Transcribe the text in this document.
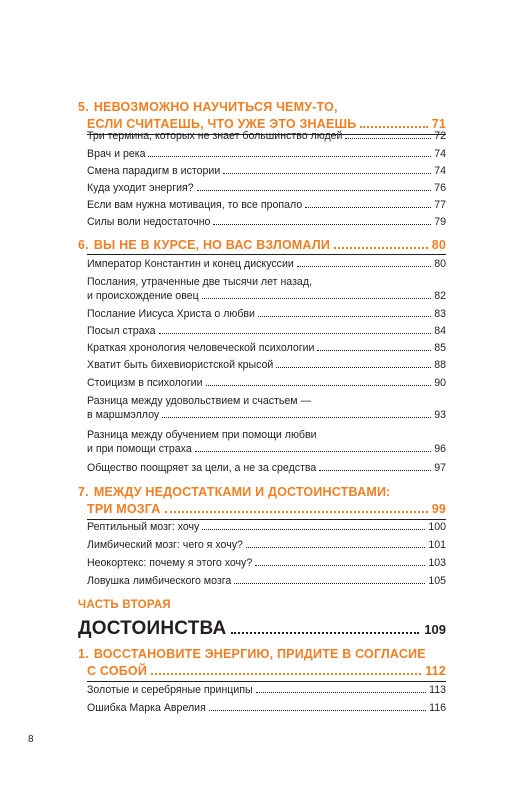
5. НЕВОЗМОЖНО НАУЧИТЬСЯ ЧЕМУ-ТО,
ЕСЛИ СЧИТАЕШЬ, ЧТО УЖЕ ЭТО ЗНАЕШЬ	71
Три термина, которых не знает большинство людей	72
Врач и река	74
Смена парадигм в истории	74
Куда уходит энергия?	76
Если вам нужна мотивация, то все пропало	77
Силы воли недостаточно	79
6. ВЫ НЕ В КУРСЕ, НО ВАС ВЗЛОМАЛИ	80
Император Константин и конец дискуссии	80
Послания, утраченные две тысячи лет назад,
и происхождение овец	82
Послание Иисуса Христа о любви	83
Посыл страха	84
Краткая хронология человеческой психологии	85
Хватит быть бихевиористской крысой	88
Стоицизм в психологии	90
Разница между удовольствием и счастьем —
в маршмэллоу	93
Разница между обучением при помощи любви
и при помощи страха	96
Общество поощряет за цели, а не за средства	97
7. МЕЖДУ НЕДОСТАТКАМИ И ДОСТОИНСТВАМИ:
ТРИ МОЗГА	99
Рептильный мозг: хочу	100
Лимбический мозг: чего я хочу?	101
Неокортекс: почему я этого хочу?	103
Ловушка лимбического мозга	105
ЧАСТЬ ВТОРАЯ
ДОСТОИНСТВА	109
1. ВОССТАНОВИТЕ ЭНЕРГИЮ, ПРИДИТЕ В СОГЛАСИЕ
С СОБОЙ	112
Золотые и серебряные принципы	113
Ошибка Марка Аврелия	116
8
